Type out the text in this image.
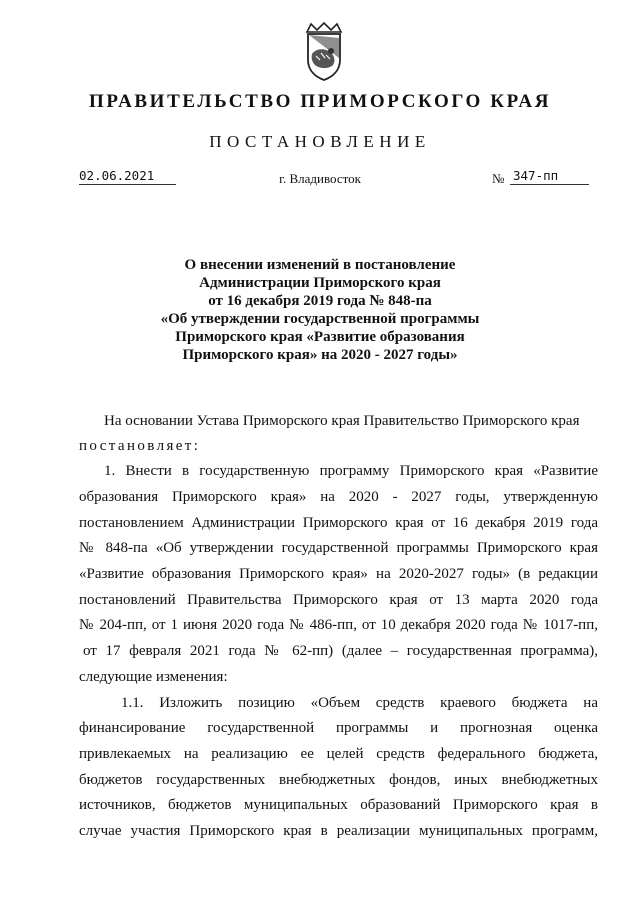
ПРАВИТЕЛЬСТВО ПРИМОРСКОГО КРАЯ
ПОСТАНОВЛЕНИЕ
02.06.2021	г. Владивосток	№ 347-пп
О внесении изменений в постановление
Администрации Приморского края
от 16 декабря 2019 года № 848-па
«Об утверждении государственной программы
Приморского края «Развитие образования
Приморского края» на 2020 - 2027 годы»
На основании Устава Приморского края Правительство Приморского края
постановляет:
1. Внести в государственную программу Приморского края «Развитие
образования Приморского края» на 2020 - 2027 годы, утвержденную
постановлением Администрации Приморского края от 16 декабря 2019 года
№ 848-па «Об утверждении государственной программы Приморского края
«Развитие образования Приморского края» на 2020-2027 годы» (в редакции
постановлений Правительства Приморского края от 13 марта 2020 года
№ 204-пп, от 1 июня 2020 года № 486-пп, от 10 декабря 2020 года № 1017-пп,
от 17 февраля 2021 года № 62-пп) (далее – государственная программа),
следующие изменения:
1.1. Изложить позицию «Объем средств краевого бюджета на
финансирование государственной программы и прогнозная оценка
привлекаемых на реализацию ее целей средств федерального бюджета,
бюджетов государственных внебюджетных фондов, иных внебюджетных
источников, бюджетов муниципальных образований Приморского края в
случае участия Приморского края в реализации муниципальных программ,
